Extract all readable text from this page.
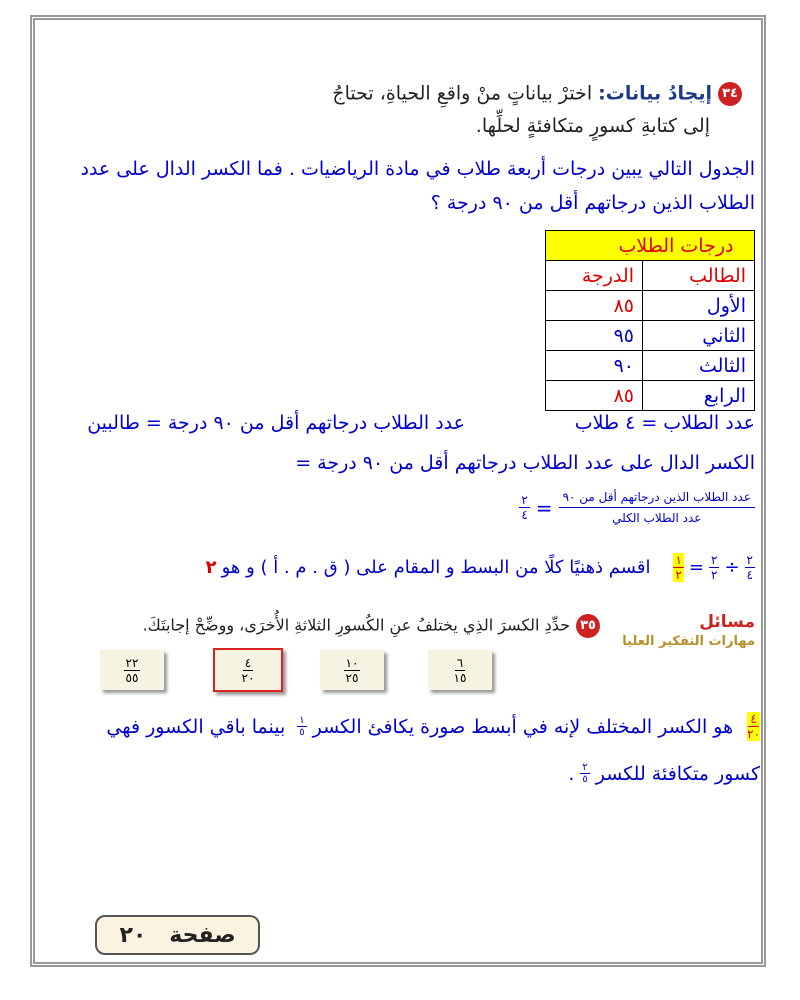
٣٤إيجادُ بيانات: اخترْ بياناتٍ منْ واقعِ الحياةِ، تحتاجُ
إلى كتابةِ كسورٍ متكافئةٍ لحلِّها.
الجدول التالي يبين درجات أربعة طلاب في مادة الرياضيات . فما الكسر الدال على عدد
الطلاب الذين درجاتهم أقل من ٩٠ درجة ؟
درجات الطلاب	
الطالب	الدرجة
الأول	٨٥
الثاني	٩٥
الثالث	٩٠
الرابع	٨٥
عدد الطلاب = ٤ طلاب
عدد الطلاب درجاتهم أقل من ٩٠ درجة = طالبين
الكسر الدال على عدد الطلاب درجاتهم أقل من ٩٠ درجة =
$\frac{\text{عدد الطلاب الذين درجاتهم أقل من ٩٠}}{\text{عدد الطلاب الكلي}}$
=
$\frac{٢}{٤}$
$\frac{٢}{٤}$
÷
$\frac{٢}{٢}$
=
$\frac{١}{٢}$
اقسم ذهنيًا كلًا من البسط و المقام على ( ق . م . أ ) و هو
٢
مسائل
مهارات التفكير العليا
٣٥حدِّدِ الكسرَ الذِي يختلفُ عنِ الكُسورِ الثلاثةِ الأُخرَى، ووضِّحْ إجابتَكَ.
$\frac{٦}{١٥}$
$\frac{١٠}{٢٥}$
$\frac{٤}{٢٠}$
$\frac{٢٢}{٥٥}$
$\frac{٤}{٢٠}$
هو الكسر المختلف لإنه في أبسط صورة يكافئ الكسر
$\frac{١}{٥}$
بينما باقي الكسور فهي
كسور متكافئة للكسر
$\frac{٢}{٥}$
.
صفحة

٢٠
